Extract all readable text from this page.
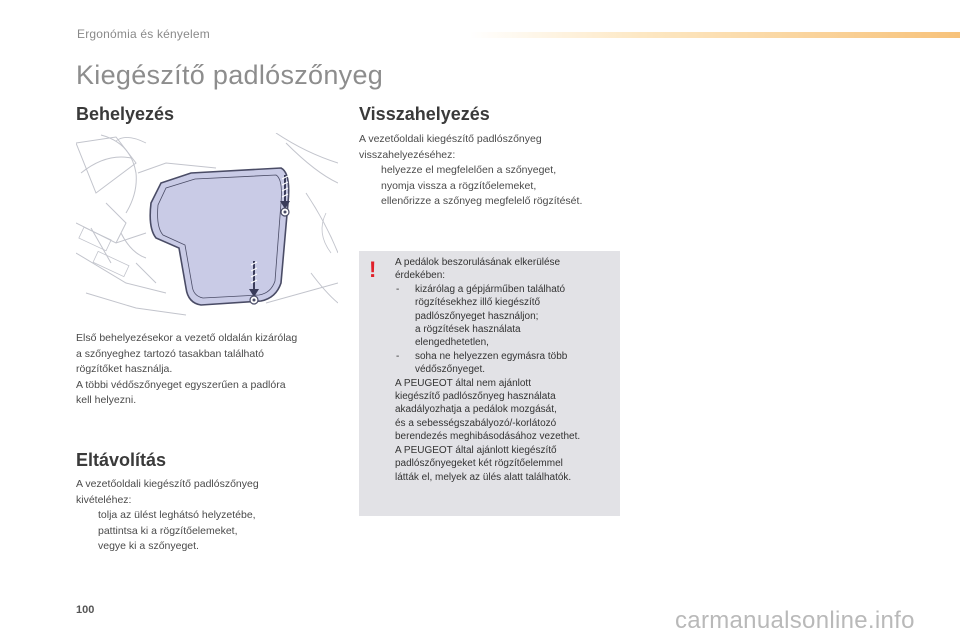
Ergonómia és kényelem
Kiegészítő padlószőnyeg
Behelyezés

Első behelyezésekor a vezető oldalán kizárólag

a szőnyeghez tartozó tasakban található

rögzítőket használja.

A többi védőszőnyeget egyszerűen a padlóra

kell helyezni.

Eltávolítás

A vezetőoldali kiegészítő padlószőnyeg

kivételéhez:

tolja az ülést leghátsó helyzetébe,
pattintsa ki a rögzítőelemeket,
vegye ki a szőnyeget.
Visszahelyezés

A vezetőoldali kiegészítő padlószőnyeg

visszahelyezéséhez:

helyezze el megfelelően a szőnyeget,
nyomja vissza a rögzítőelemeket,
ellenőrizze a szőnyeg megfelelő rögzítését.
! A pedálok beszorulásának elkerülése

érdekében:

- kizárólag a gépjárműben található

rögzítésekhez illő kiegészítő

padlószőnyeget használjon;

a rögzítések használata

elengedhetetlen,

- soha ne helyezzen egymásra több

védőszőnyeget.

A PEUGEOT által nem ajánlott

kiegészítő padlószőnyeg használata

akadályozhatja a pedálok mozgását,

és a sebességszabályozó/-korlátozó

berendezés meghibásodásához vezethet.

A PEUGEOT által ajánlott kiegészítő

padlószőnyegeket két rögzítőelemmel

látták el, melyek az ülés alatt találhatók.

100	carmanualsonline.info
